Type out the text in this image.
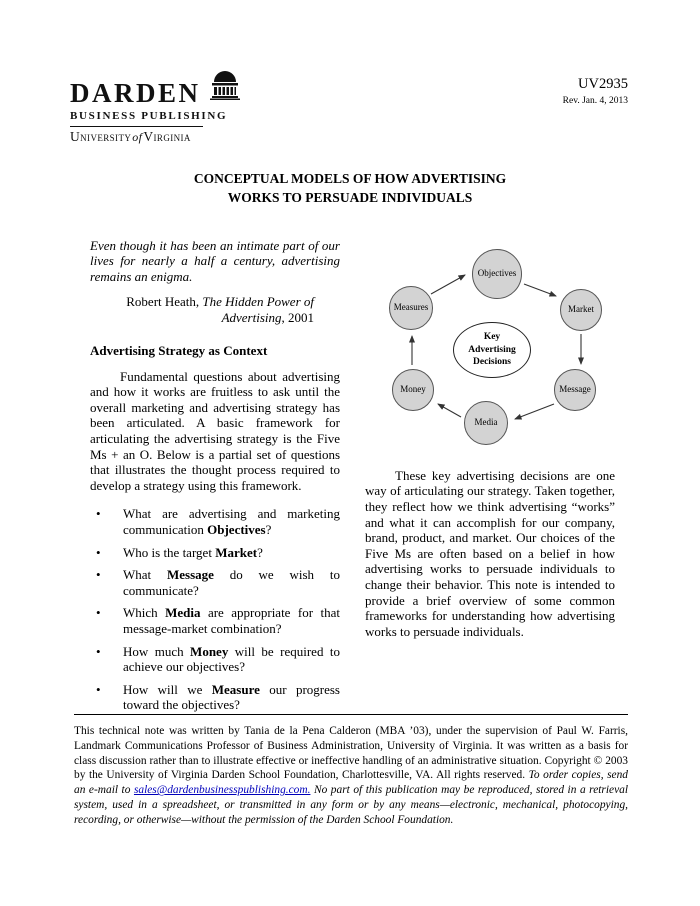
DARDEN
BUSINESS PUBLISHING
UniversityofVirginia
UV2935
Rev. Jan. 4, 2013
CONCEPTUAL MODELS OF HOW ADVERTISING
WORKS TO PERSUADE INDIVIDUALS

Even though it has been an intimate part of our lives for nearly a half a century, advertising remains an enigma.

Robert Heath, The Hidden Power of Advertising, 2001

Advertising Strategy as Context

Fundamental questions about advertising and how it works are fruitless to ask until the overall marketing and advertising strategy has been articulated. A basic framework for articulating the advertising strategy is the Five Ms + an O. Below is a partial set of questions that illustrates the thought process required to develop a strategy using this framework.

• What are advertising and marketing communication Objectives?
• Who is the target Market?
• What Message do we wish to communicate?
• Which Media are appropriate for that message-market combination?
• How much Money will be required to achieve our objectives?
• How will we Measure our progress toward the objectives?
Objectives
Market
Message
Media
Money
Measures
Key Advertising Decisions

These key advertising decisions are one way of articulating our strategy. Taken together, they reflect how we think advertising “works” and what it can accomplish for our company, brand, product, and market. Our choices of the Five Ms are often based on a belief in how advertising works to persuade individuals to change their behavior. This note is intended to provide a brief overview of some common frameworks for understanding how advertising works to persuade individuals.

This technical note was written by Tania de la Pena Calderon (MBA ’03), under the supervision of Paul W. Farris, Landmark Communications Professor of Business Administration, University of Virginia. It was written as a basis for class discussion rather than to illustrate effective or ineffective handling of an administrative situation. Copyright © 2003 by the University of Virginia Darden School Foundation, Charlottesville, VA. All rights reserved. To order copies, send an e-mail to sales@dardenbusinesspublishing.com. No part of this publication may be reproduced, stored in a retrieval system, used in a spreadsheet, or transmitted in any form or by any means—electronic, mechanical, photocopying, recording, or otherwise—without the permission of the Darden School Foundation.
